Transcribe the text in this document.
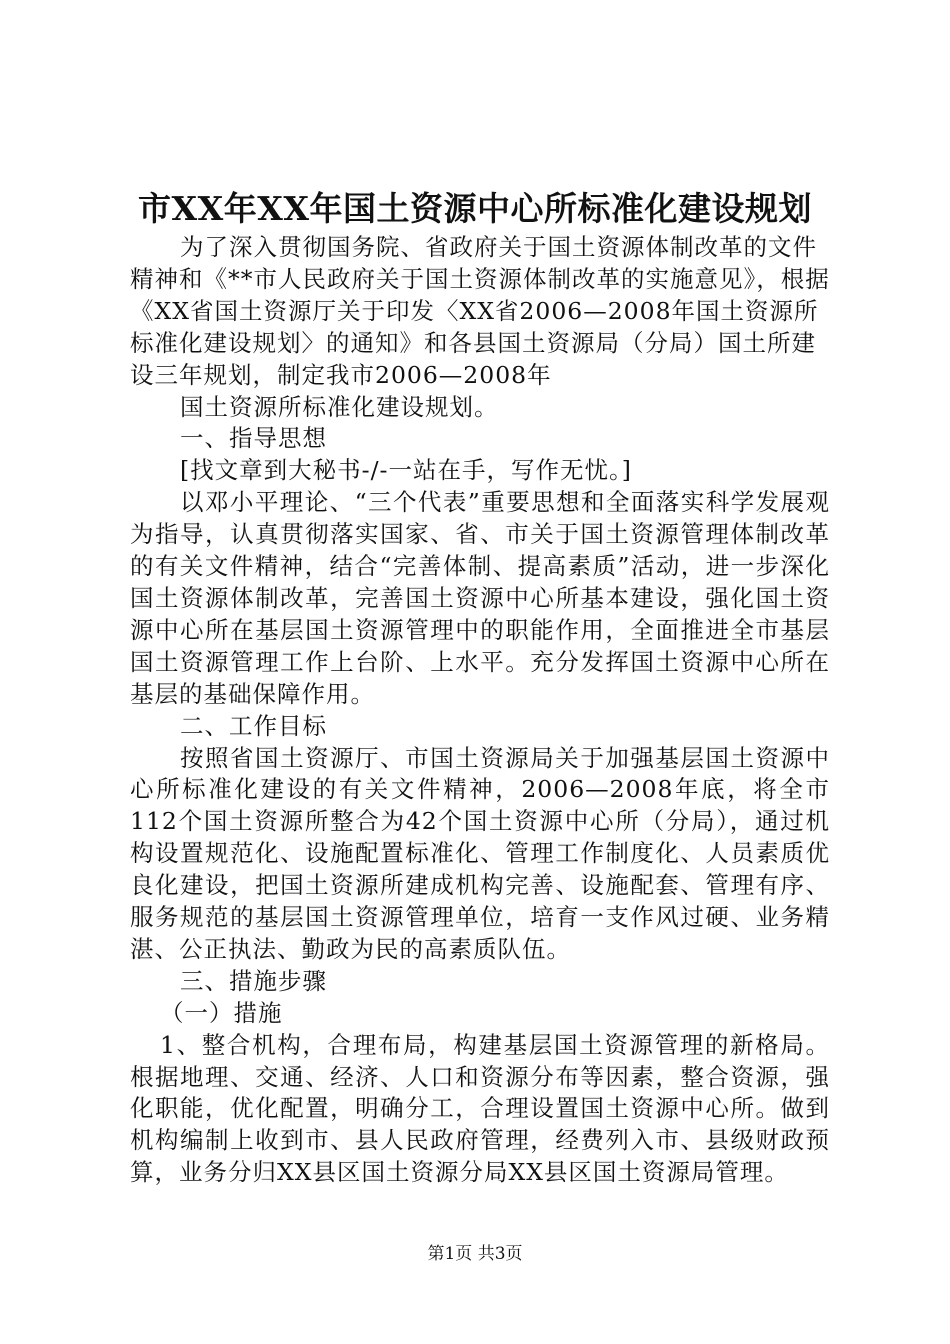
市XX年XX年国土资源中心所标准化建设规划

为了深入贯彻国务院、省政府关于国土资源体制改革的文件精神和《**市人民政府关于国土资源体制改革的实施意见》，根据《XX省国土资源厅关于印发〈XX省2006—2008年国土资源所标准化建设规划〉的通知》和各县国土资源局（分局）国土所建设三年规划，制定我市2006—2008年

国土资源所标准化建设规划。

一、指导思想

[找文章到大秘书-/-一站在手，写作无忧。]

以邓小平理论、“三个代表”重要思想和全面落实科学发展观为指导，认真贯彻落实国家、省、市关于国土资源管理体制改革的有关文件精神，结合“完善体制、提高素质”活动，进一步深化国土资源体制改革，完善国土资源中心所基本建设，强化国土资源中心所在基层国土资源管理中的职能作用，全面推进全市基层国土资源管理工作上台阶、上水平。充分发挥国土资源中心所在基层的基础保障作用。

二、工作目标

按照省国土资源厅、市国土资源局关于加强基层国土资源中心所标准化建设的有关文件精神，2006—2008年底，将全市112个国土资源所整合为42个国土资源中心所（分局），通过机构设置规范化、设施配置标准化、管理工作制度化、人员素质优良化建设，把国土资源所建成机构完善、设施配套、管理有序、服务规范的基层国土资源管理单位，培育一支作风过硬、业务精湛、公正执法、勤政为民的高素质队伍。

三、措施步骤

（一）措施

1、整合机构，合理布局，构建基层国土资源管理的新格局。根据地理、交通、经济、人口和资源分布等因素，整合资源，强化职能，优化配置，明确分工，合理设置国土资源中心所。做到机构编制上收到市、县人民政府管理，经费列入市、县级财政预算，业务分归XX县区国土资源分局XX县区国土资源局管理。

第1页 共3页
